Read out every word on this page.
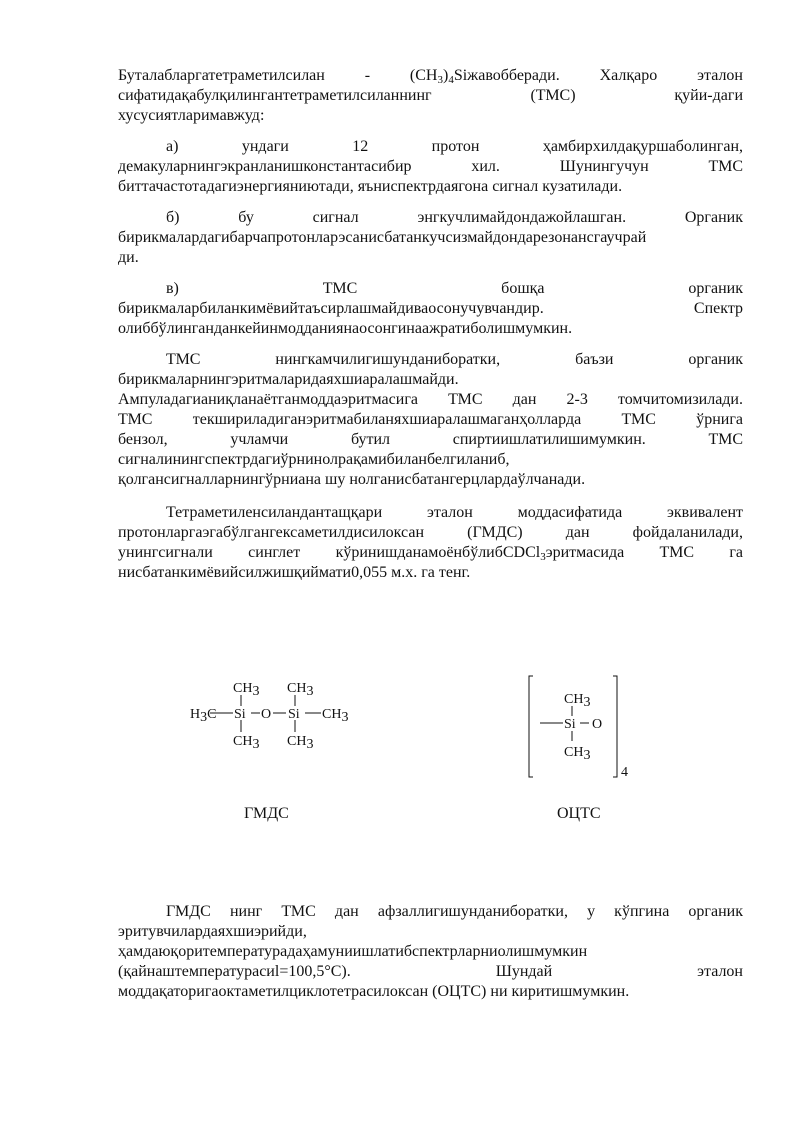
Буталабларгатетраметилсилан - $(CH_3)_4Siжавобберади$. Халқаро эталон

сифатидақабулқилингантетраметилсиланнинг (ТМС) қуйи-даги

хусусиятларимавжуд:

а) ундаги 12 протон ҳамбирхилдақуршаболинган,

демакуларнингэкранланишконстантасибир хил. Шунингучун ТМС

биттачастотадагиэнергияниютади, яъниспектрдаягона сигнал кузатилади.

б) бу сигнал энгкучлимайдондажойлашган. Органик

бирикмалардагибарчапротонларэсанисбатанкучсизмайдондарезонансгаучрай

ди.

в) ТМС бошқа органик

бирикмаларбиланкимёвийтаъсирлашмайдиваосонучувчандир. Спектр

олиббўлинганданкейинмодданиянаосонгинаажратиболишмумкин.

ТМС нингкамчилигишунданиборатки, баъзи органик

бирикмаларнингэритмаларидаяхшиаралашмайди.

Ампуладагианиқланаётганмоддаэритмасига ТМС дан 2-3 томчитомизилади.

ТМС текшириладиганэритмабиланяхшиаралашмаганҳолларда ТМС ўрнига

бензол, учламчи бутил спиртиишлатилишимумкин. ТМС

сигналинингспектрдагиўрнинолрақамибиланбелгиланиб,

қолгансигналларнингўрниана шу нолганисбатангерцлардаўлчанади.

Тетраметиленсиландантащқари эталон моддасифатида эквивалент

протонларгаэгабўлгангексаметилдисилоксан (ГМДС) дан фойдаланилади,

унингсигнали синглет кўринишданамоёнбўлибCDCl$_3$эритмасида ТМС га

нисбатанкимёвийсилжишқиймати0,055 м.х. га тенг.

CH3 CH3
H3C Si O Si CH3
CH3 CH3
CH3
Si O
CH3
4
ГМДС	ОЦТС

ГМДС нинг ТМС дан афзаллигишунданиборатки, у кўпгина органик

эритувчилардаяхшиэрийди,

ҳамдаюқоритемпературадаҳамуниишлатибспектрларниолишмумкин

(қайнаштемпературасиl=100,5°С). Шундай эталон

моддақаторигаоктаметилциклотетрасилоксан (ОЦТС) ни киритишмумкин.
